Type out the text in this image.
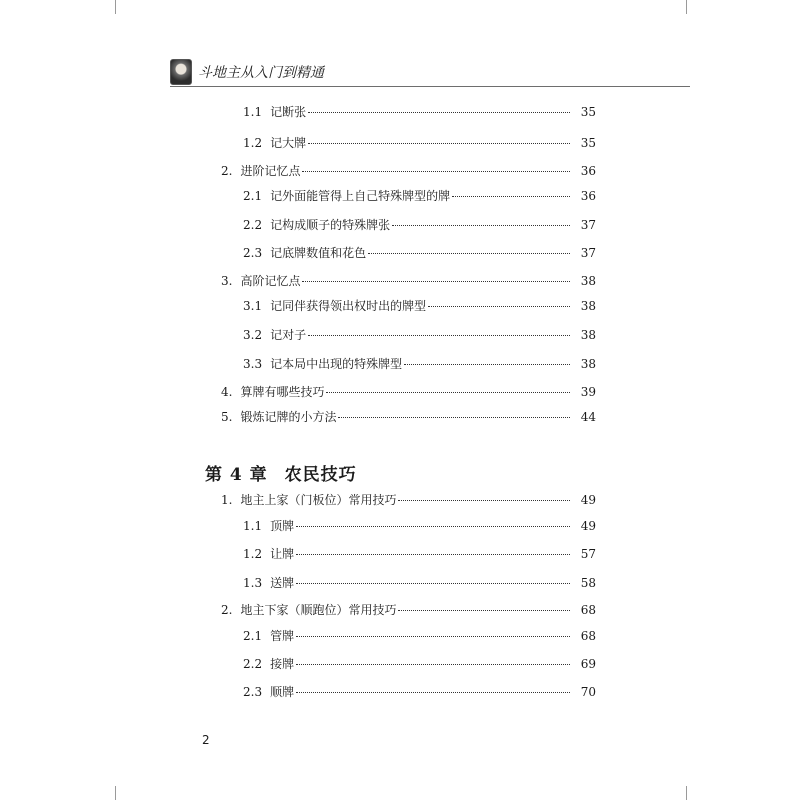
斗地主从入门到精通
1.1 记断张	35
1.2 记大牌	35
2. 进阶记忆点	36
2.1 记外面能管得上自己特殊牌型的牌	36
2.2 记构成顺子的特殊牌张	37
2.3 记底牌数值和花色	37
3. 高阶记忆点	38
3.1 记同伴获得领出权时出的牌型	38
3.2 记对子	38
3.3 记本局中出现的特殊牌型	38
4. 算牌有哪些技巧	39
5. 锻炼记牌的小方法	44
第 4 章 农民技巧
1. 地主上家（门板位）常用技巧	49
1.1 顶牌	49
1.2 让牌	57
1.3 送牌	58
2. 地主下家（顺跑位）常用技巧	68
2.1 管牌	68
2.2 接牌	69
2.3 顺牌	70
2
